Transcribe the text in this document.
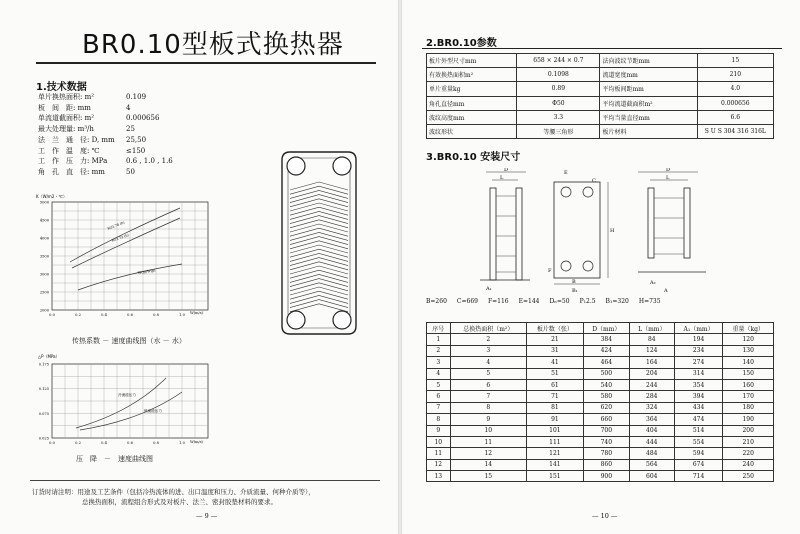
BR0.10型板式换热器
1.技术数据
单片换热面积: m²	0.109
板　间　距: mm	4
单流道截面积: m²	0.000656
最大处理量: m³/h	25
法　兰　通　径: D, mm	25,50
工　作　温　度: ℃	≤150
工　作　压　力: MPa	0.6 , 1.0 , 1.6
角　孔　直　径: mm	50
K（W/m2・℃）
5000
4500
4000
3500
3000
2500
2000
0.0	0.2	0.4	0.6	0.8	1.0
W/3.78 (h)
W/3.73 (h)
W(h)/W(p)
W(m/s)
传热系数 － 速度曲线图（水 － 水）
△P（MPa）
0.175
0.125
0.075
0.025
0.0	0.2	0.4	0.6	0.8	1.0
冷流道压力
热流道压力
W(m/s)
压　降　－　速度曲线图
订货时请注明：用途及工艺条件（包括冷热流体的进、出口温度和压力、介质流量、何种介质等），
总换热面积，流程组合形式及对板片、法兰、密封胶垫材料的要求。
— 9 —
2.BR0.10参数
板片外型尺寸mm	658 × 244 × 0.7	法向波纹节距mm	15
有效换热面积m²	0.1098	流道宽度mm	210
单片重量kg	0.89	平均板间距mm	4.0
角孔直径mm	Φ50	平均流道截面积m²	0.000656
波纹高度mm	3.3	平均当量直径mm	6.6
波纹形状	等腰三角形	板片材料	S U S 304 316 316L
3.BR0.10 安装尺寸
D
L
A₁
E
C
H
F
B
B₁
D
L
A₂
A
B=260 C=669 F=116 E=144 Dₙ=50 P₁2.5 B₁=320 H=735
序号	总换热面积（m²）	板片数（张）	D（mm）	L（mm）	A₁（mm）	重量（kg）
1	2	21	384	84	194	120
2	3	31	424	124	234	130
3	4	41	464	164	274	140
4	5	51	500	204	314	150
5	6	61	540	244	354	160
6	7	71	580	284	394	170
7	8	81	620	324	434	180
8	9	91	660	364	474	190
9	10	101	700	404	514	200
10	11	111	740	444	554	210
11	12	121	780	484	594	220
12	14	141	860	564	674	240
13	15	151	900	604	714	250
— 10 —
